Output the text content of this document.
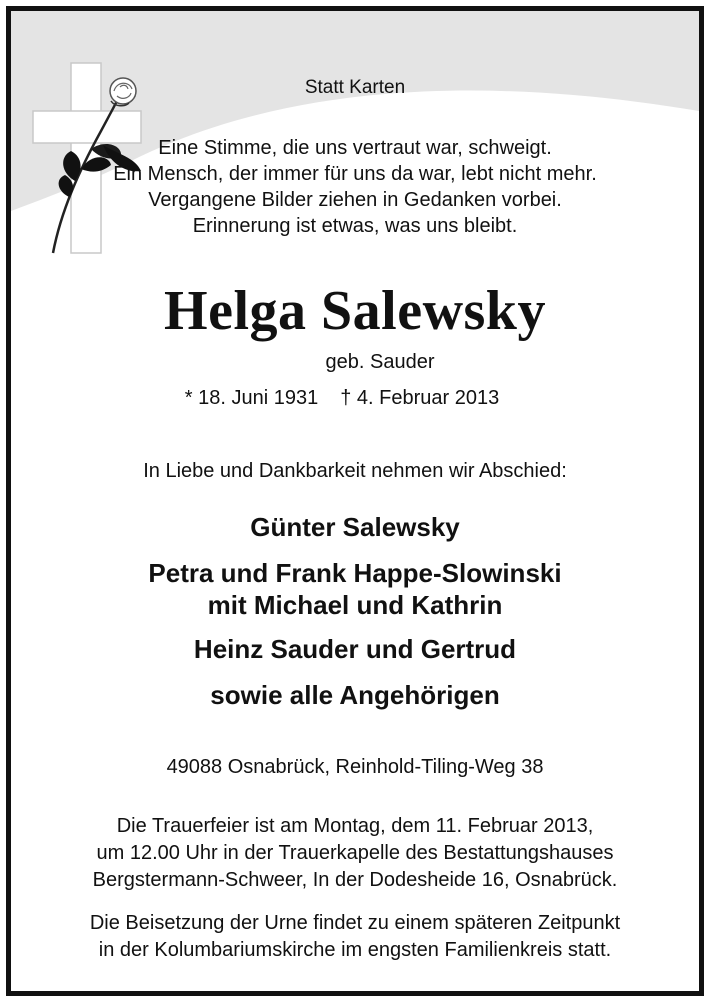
Statt Karten
Eine Stimme, die uns vertraut war, schweigt.
Ein Mensch, der immer für uns da war, lebt nicht mehr.
Vergangene Bilder ziehen in Gedanken vorbei.
Erinnerung ist etwas, was uns bleibt.
Helga Salewsky
geb. Sauder
* 18. Juni 1931 † 4. Februar 2013
In Liebe und Dankbarkeit nehmen wir Abschied:
Günter Salewsky
Petra und Frank Happe-Slowinski
mit Michael und Kathrin
Heinz Sauder und Gertrud
sowie alle Angehörigen
49088 Osnabrück, Reinhold-Tiling-Weg 38
Die Trauerfeier ist am Montag, dem 11. Februar 2013,
um 12.00 Uhr in der Trauerkapelle des Bestattungshauses
Bergstermann-Schweer, In der Dodesheide 16, Osnabrück.
Die Beisetzung der Urne findet zu einem späteren Zeitpunkt
in der Kolumbariumskirche im engsten Familienkreis statt.
